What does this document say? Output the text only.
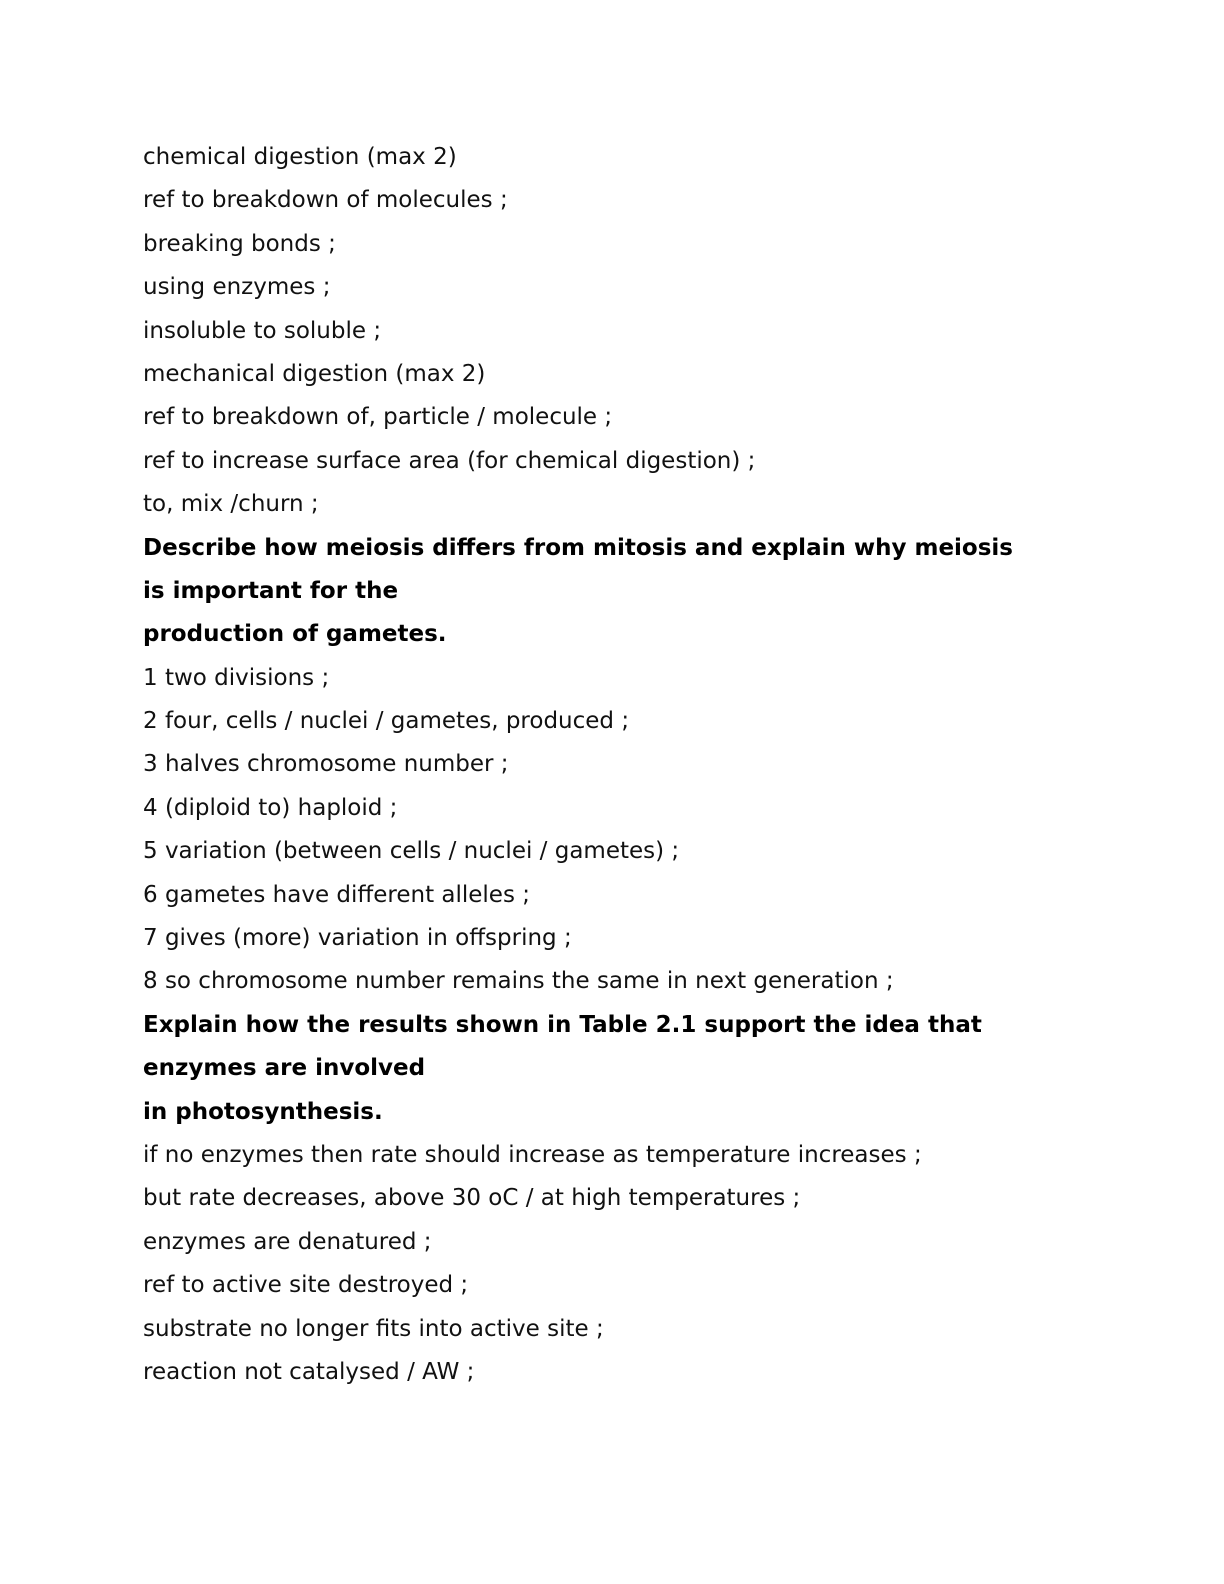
chemical digestion (max 2)
ref to breakdown of molecules ;
breaking bonds ;
using enzymes ;
insoluble to soluble ;
mechanical digestion (max 2)
ref to breakdown of, particle / molecule ;
ref to increase surface area (for chemical digestion) ;
to, mix /churn ;
Describe how meiosis differs from mitosis and explain why meiosis
is important for the
production of gametes.
1 two divisions ;
2 four, cells / nuclei / gametes, produced ;
3 halves chromosome number ;
4 (diploid to) haploid ;
5 variation (between cells / nuclei / gametes) ;
6 gametes have different alleles ;
7 gives (more) variation in offspring ;
8 so chromosome number remains the same in next generation ;
Explain how the results shown in Table 2.1 support the idea that
enzymes are involved
in photosynthesis.
if no enzymes then rate should increase as temperature increases ;
but rate decreases, above 30 oC / at high temperatures ;
enzymes are denatured ;
ref to active site destroyed ;
substrate no longer fits into active site ;
reaction not catalysed / AW ;
